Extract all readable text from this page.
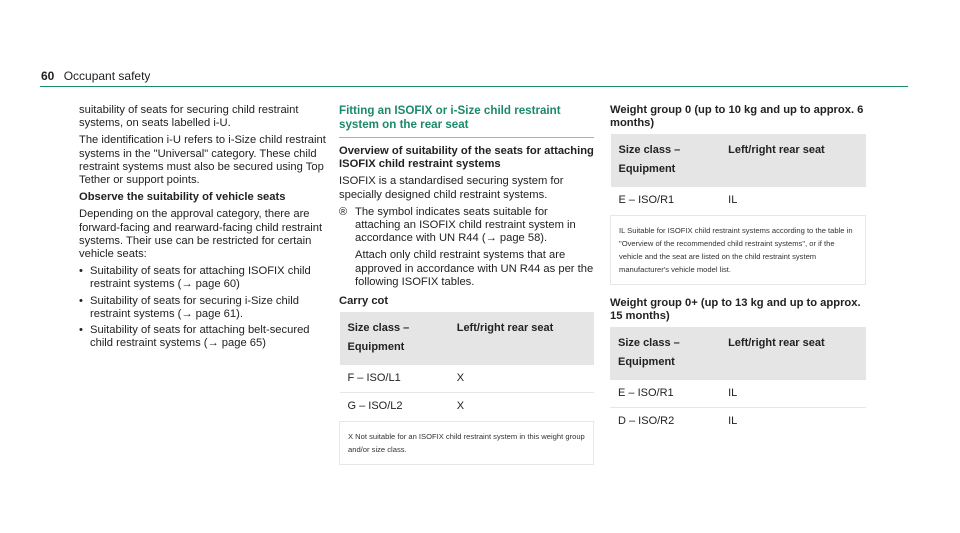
60 Occupant safety

suitability of seats for securing child restraint systems, on seats labelled i-U.

The identification i-U refers to i-Size child restraint systems in the "Universal" category. These child restraint systems must also be secured using Top Tether or support points.

Observe the suitability of vehicle seats

Depending on the approval category, there are forward-facing and rearward-facing child restraint systems. Their use can be restricted for certain vehicle seats:

• Suitability of seats for attaching ISOFIX child restraint systems (→ page 60)
• Suitability of seats for securing i-Size child restraint systems (→ page 61).
• Suitability of seats for attaching belt-secured child restraint systems (→ page 65)
Fitting an ISOFIX or i-Size child restraint system on the rear seat

Overview of suitability of the seats for attaching ISOFIX child restraint systems

ISOFIX is a standardised securing system for specially designed child restraint systems.

® The symbol indicates seats suitable for attaching an ISOFIX child restraint system in accordance with UN R44 (→ page 58).

Attach only child restraint systems that are approved in accordance with UN R44 as per the following ISOFIX tables.

Carry cot

Size class –
Equipment	Left/right rear seat
F – ISO/L1	X
G – ISO/L2	X
X Not suitable for an ISOFIX child restraint system in this weight group and/or size class.	

Weight group 0 (up to 10 kg and up to approx. 6 months)

Size class –
Equipment	Left/right rear seat
E – ISO/R1	IL
IL Suitable for ISOFIX child restraint systems according to the table in "Overview of the recommended child restraint systems", or if the vehicle and the seat are listed on the child restraint system manufacturer's vehicle model list.	

Weight group 0+ (up to 13 kg and up to approx. 15 months)

Size class –
Equipment	Left/right rear seat
E – ISO/R1	IL
D – ISO/R2	IL
